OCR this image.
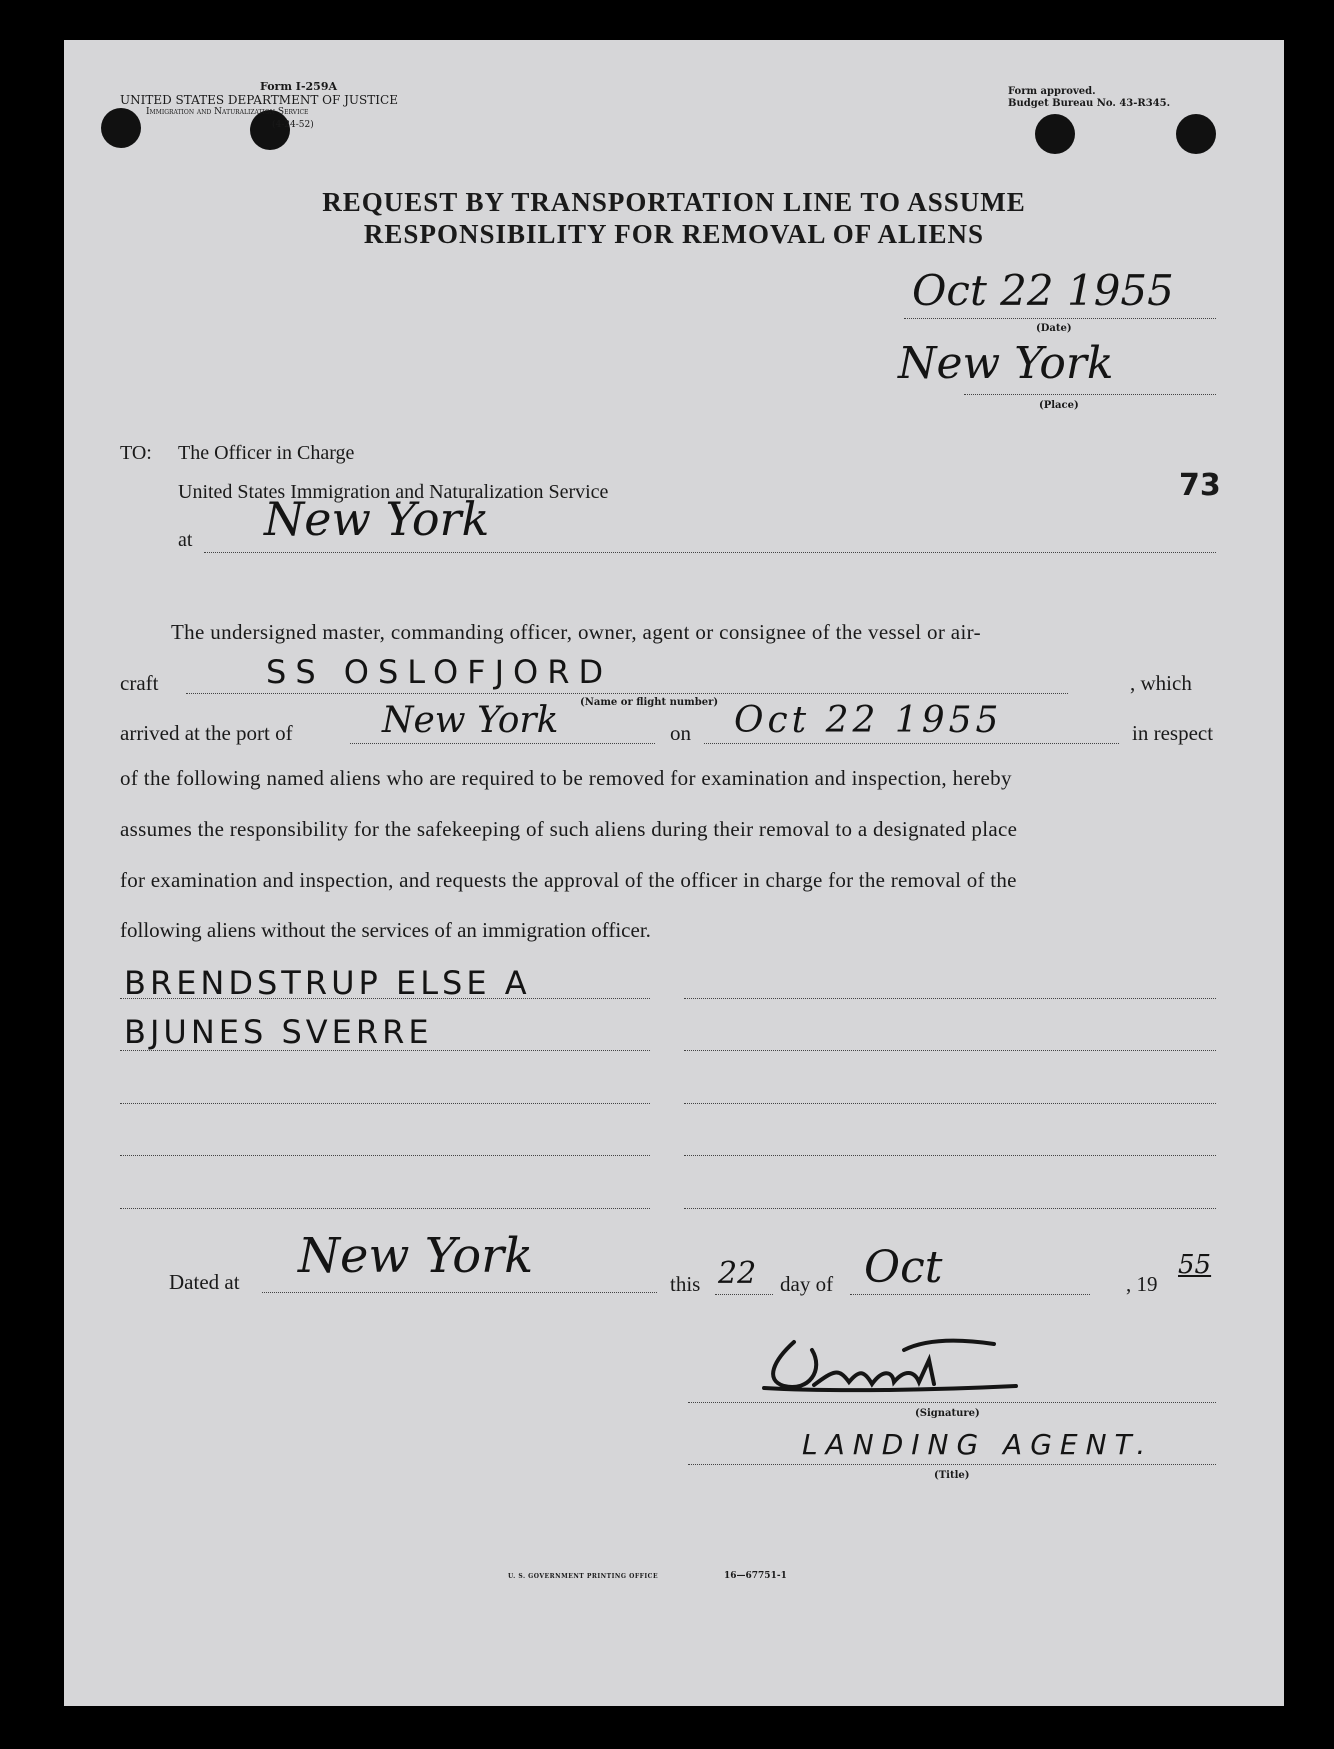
Form I-259A
UNITED STATES DEPARTMENT OF JUSTICE
Immigration and Naturalization Service
(4-24-52)
Form approved.
Budget Bureau No. 43-R345.
REQUEST BY TRANSPORTATION LINE TO ASSUME
RESPONSIBILITY FOR REMOVAL OF ALIENS
Oct 22 1955
(Date)
New York
(Place)
TO: The Officer in Charge
United States Immigration and Naturalization Service	73
at New York
The undersigned master, commanding officer, owner, agent or consignee of the vessel or air-
craft	SS OSLOFJORD	, which
(Name or flight number)
arrived at the port of New York	on Oct 22 1955	in respect
of the following named aliens who are required to be removed for examination and inspection, hereby
assumes the responsibility for the safekeeping of such aliens during their removal to a designated place
for examination and inspection, and requests the approval of the officer in charge for the removal of the
following aliens without the services of an immigration officer.
BRENDSTRUP ELSE A
BJUNES SVERRE
Dated at New York	this 22 day of Oct	, 19
55
(Signature)
LANDING AGENT.
(Title)
U. S. GOVERNMENT PRINTING OFFICE	16—67751-1
